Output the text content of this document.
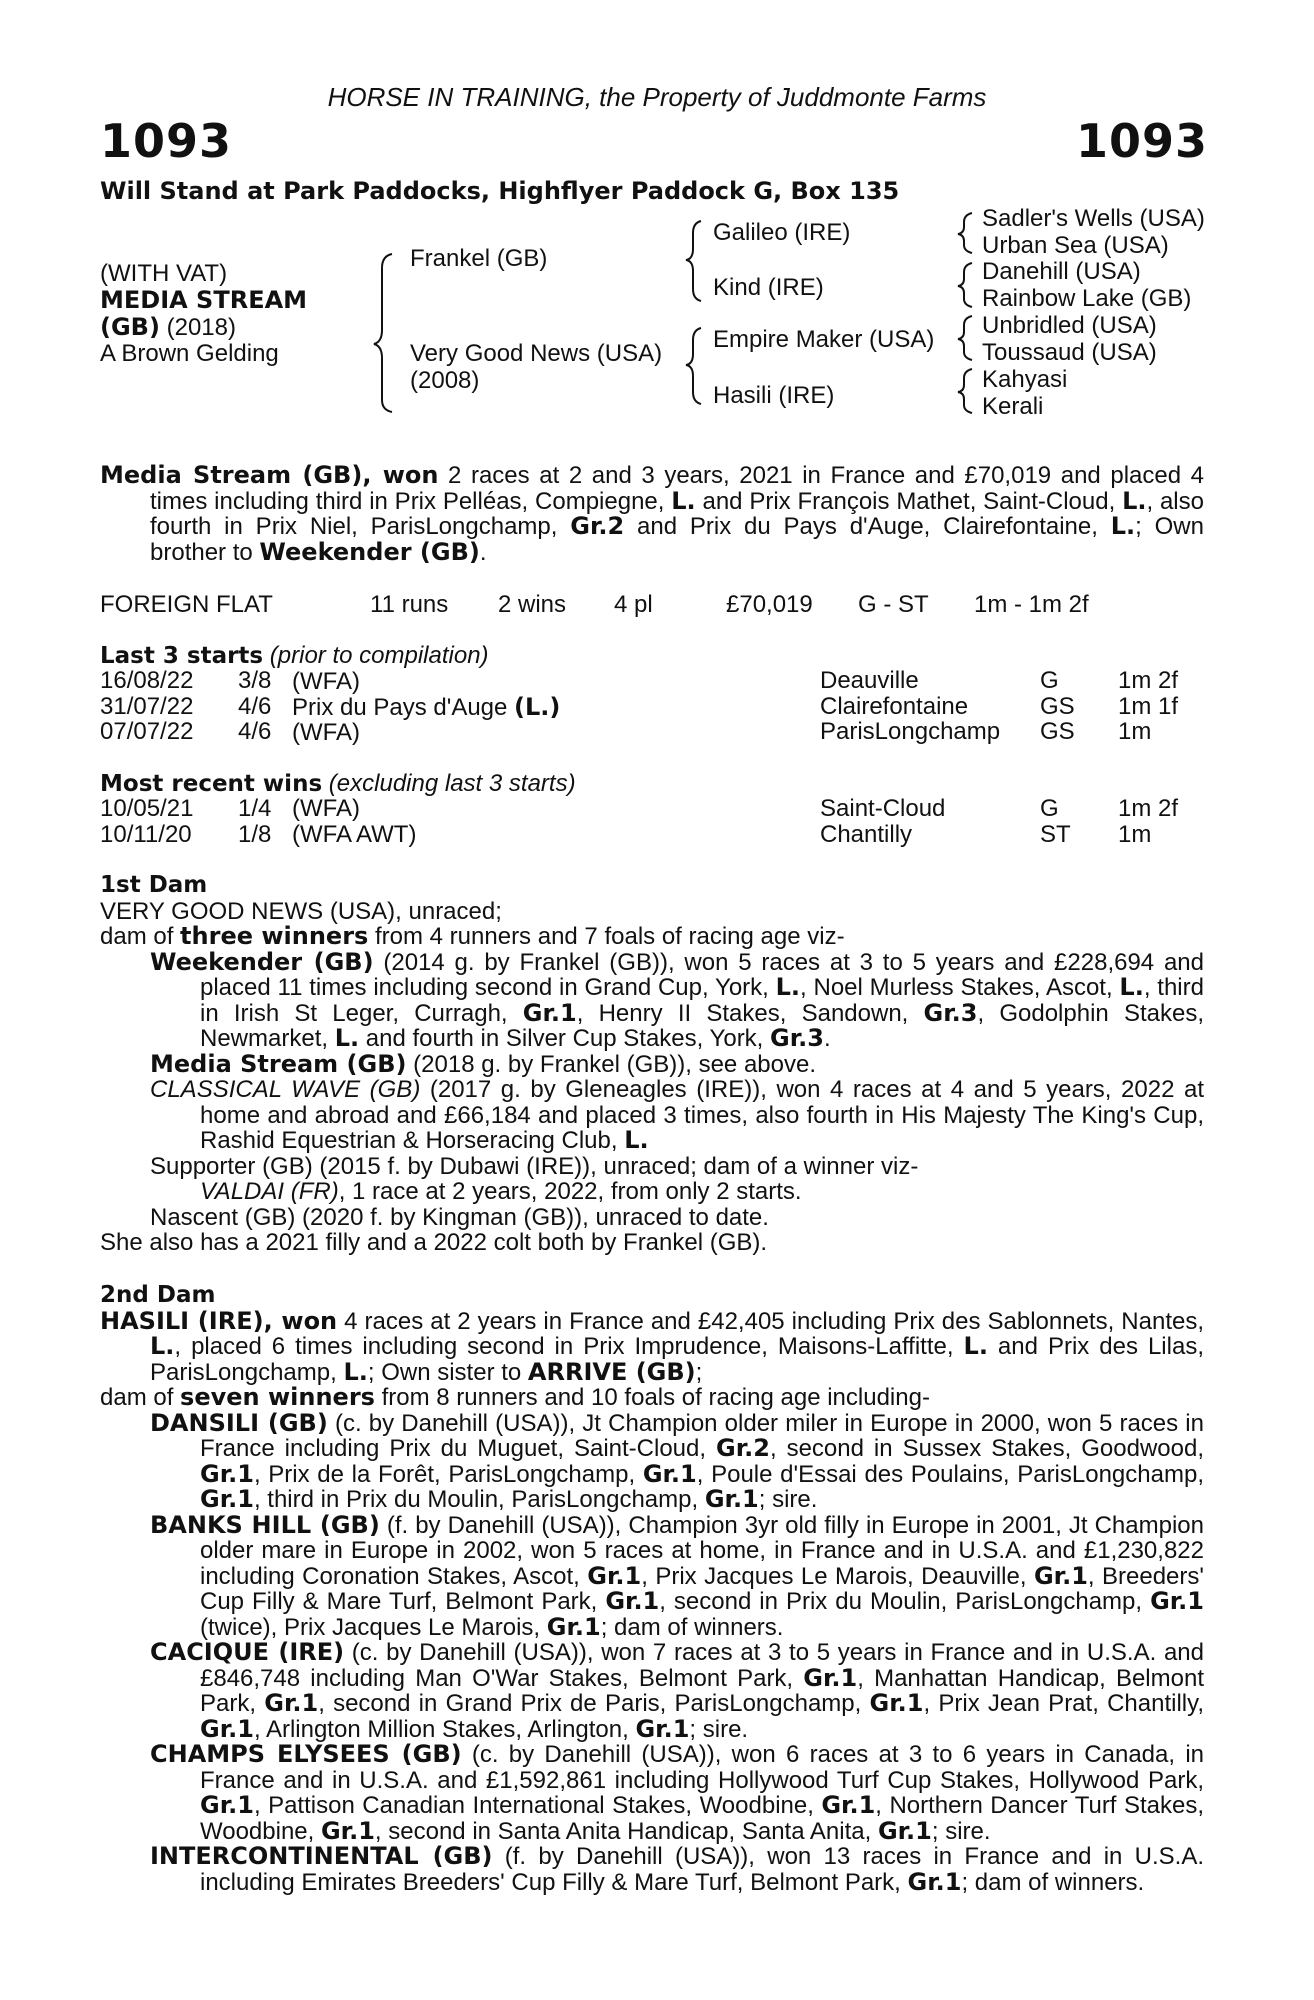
HORSE IN TRAINING, the Property of Juddmonte Farms
1093	1093
Will Stand at Park Paddocks, Highflyer Paddock G, Box 135
(WITH VAT)
MEDIA STREAM
(GB) (2018)
A Brown Gelding
Frankel (GB)
Very Good News (USA)
(2008)
Galileo (IRE)
Kind (IRE)
Empire Maker (USA)
Hasili (IRE)
Sadler's Wells (USA)
Urban Sea (USA)
Danehill (USA)
Rainbow Lake (GB)
Unbridled (USA)
Toussaud (USA)
Kahyasi
Kerali

Media Stream (GB), won 2 races at 2 and 3 years, 2021 in France and £70,019 and placed 4 times including third in Prix Pelléas, Compiegne, L. and Prix François Mathet, Saint-Cloud, L., also fourth in Prix Niel, ParisLongchamp, Gr.2 and Prix du Pays d'Auge, Clairefontaine, L.; Own brother to Weekender (GB).

FOREIGN FLAT	11 runs 2 wins 4 pl	£70,019 G - ST 1m - 1m 2f
Last 3 starts (prior to compilation)
16/08/22 3/8 (WFA)	Deauville	G 1m 2f
31/07/22 4/6 Prix du Pays d'Auge (L.)	Clairefontaine	GS 1m 1f
07/07/22 4/6 (WFA)	ParisLongchamp GS 1m
Most recent wins (excluding last 3 starts)
10/05/21 1/4 (WFA)	Saint-Cloud	G 1m 2f
10/11/20 1/8 (WFA AWT)	Chantilly	ST 1m

1st Dam

VERY GOOD NEWS (USA), unraced;

dam of three winners from 4 runners and 7 foals of racing age viz-

Weekender (GB) (2014 g. by Frankel (GB)), won 5 races at 3 to 5 years and £228,694 and placed 11 times including second in Grand Cup, York, L., Noel Murless Stakes, Ascot, L., third in Irish St Leger, Curragh, Gr.1, Henry II Stakes, Sandown, Gr.3, Godolphin Stakes, Newmarket, L. and fourth in Silver Cup Stakes, York, Gr.3.

Media Stream (GB) (2018 g. by Frankel (GB)), see above.

CLASSICAL WAVE (GB) (2017 g. by Gleneagles (IRE)), won 4 races at 4 and 5 years, 2022 at home and abroad and £66,184 and placed 3 times, also fourth in His Majesty The King's Cup, Rashid Equestrian & Horseracing Club, L.

Supporter (GB) (2015 f. by Dubawi (IRE)), unraced; dam of a winner viz-

VALDAI (FR), 1 race at 2 years, 2022, from only 2 starts.

Nascent (GB) (2020 f. by Kingman (GB)), unraced to date.

She also has a 2021 filly and a 2022 colt both by Frankel (GB).

2nd Dam

HASILI (IRE), won 4 races at 2 years in France and £42,405 including Prix des Sablonnets, Nantes, L., placed 6 times including second in Prix Imprudence, Maisons-Laffitte, L. and Prix des Lilas, ParisLongchamp, L.; Own sister to ARRIVE (GB);

dam of seven winners from 8 runners and 10 foals of racing age including-

DANSILI (GB) (c. by Danehill (USA)), Jt Champion older miler in Europe in 2000, won 5 races in France including Prix du Muguet, Saint-Cloud, Gr.2, second in Sussex Stakes, Goodwood, Gr.1, Prix de la Forêt, ParisLongchamp, Gr.1, Poule d'Essai des Poulains, ParisLongchamp, Gr.1, third in Prix du Moulin, ParisLongchamp, Gr.1; sire.

BANKS HILL (GB) (f. by Danehill (USA)), Champion 3yr old filly in Europe in 2001, Jt Champion older mare in Europe in 2002, won 5 races at home, in France and in U.S.A. and £1,230,822 including Coronation Stakes, Ascot, Gr.1, Prix Jacques Le Marois, Deauville, Gr.1, Breeders' Cup Filly & Mare Turf, Belmont Park, Gr.1, second in Prix du Moulin, ParisLongchamp, Gr.1 (twice), Prix Jacques Le Marois, Gr.1; dam of winners.

CACIQUE (IRE) (c. by Danehill (USA)), won 7 races at 3 to 5 years in France and in U.S.A. and £846,748 including Man O'War Stakes, Belmont Park, Gr.1, Manhattan Handicap, Belmont Park, Gr.1, second in Grand Prix de Paris, ParisLongchamp, Gr.1, Prix Jean Prat, Chantilly, Gr.1, Arlington Million Stakes, Arlington, Gr.1; sire.

CHAMPS ELYSEES (GB) (c. by Danehill (USA)), won 6 races at 3 to 6 years in Canada, in France and in U.S.A. and £1,592,861 including Hollywood Turf Cup Stakes, Hollywood Park, Gr.1, Pattison Canadian International Stakes, Woodbine, Gr.1, Northern Dancer Turf Stakes, Woodbine, Gr.1, second in Santa Anita Handicap, Santa Anita, Gr.1; sire.

INTERCONTINENTAL (GB) (f. by Danehill (USA)), won 13 races in France and in U.S.A. including Emirates Breeders' Cup Filly & Mare Turf, Belmont Park, Gr.1; dam of winners.
